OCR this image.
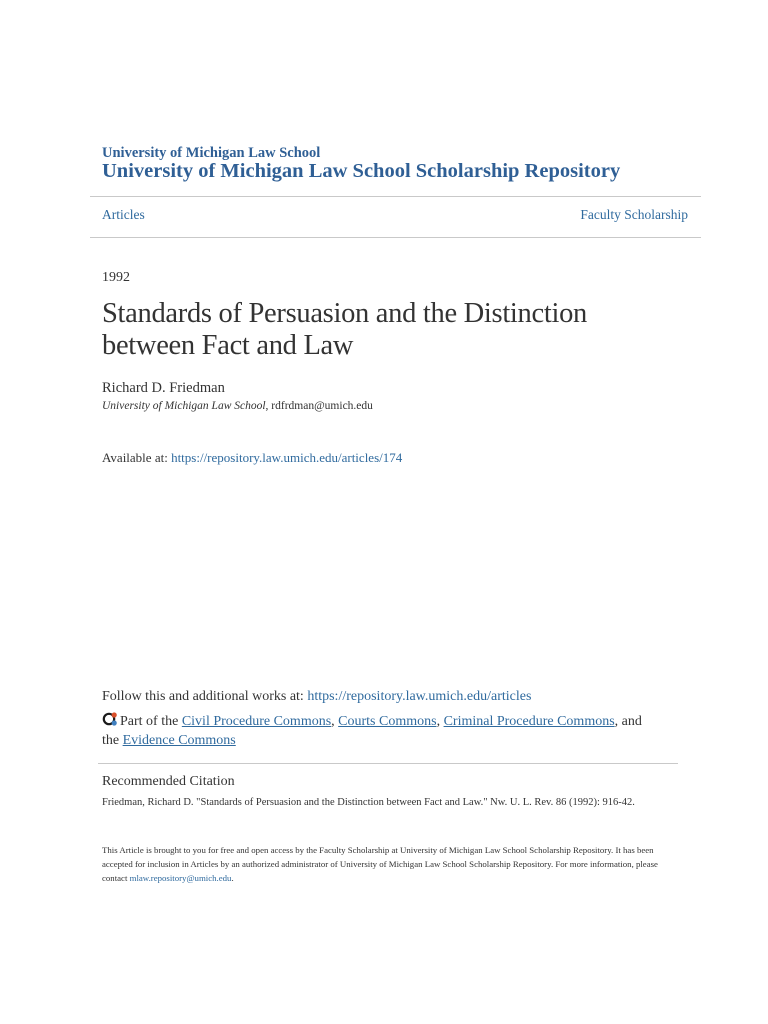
University of Michigan Law School
University of Michigan Law School Scholarship Repository
Articles	Faculty Scholarship
1992
Standards of Persuasion and the Distinction between Fact and Law
Richard D. Friedman
University of Michigan Law School, rdfrdman@umich.edu
Available at: https://repository.law.umich.edu/articles/174
Follow this and additional works at: https://repository.law.umich.edu/articles
Part of the Civil Procedure Commons, Courts Commons, Criminal Procedure Commons, and
the Evidence Commons
Recommended Citation
Friedman, Richard D. "Standards of Persuasion and the Distinction between Fact and Law." Nw. U. L. Rev. 86 (1992): 916-42.
This Article is brought to you for free and open access by the Faculty Scholarship at University of Michigan Law School Scholarship Repository. It has been accepted for inclusion in Articles by an authorized administrator of University of Michigan Law School Scholarship Repository. For more information, please contact mlaw.repository@umich.edu.
